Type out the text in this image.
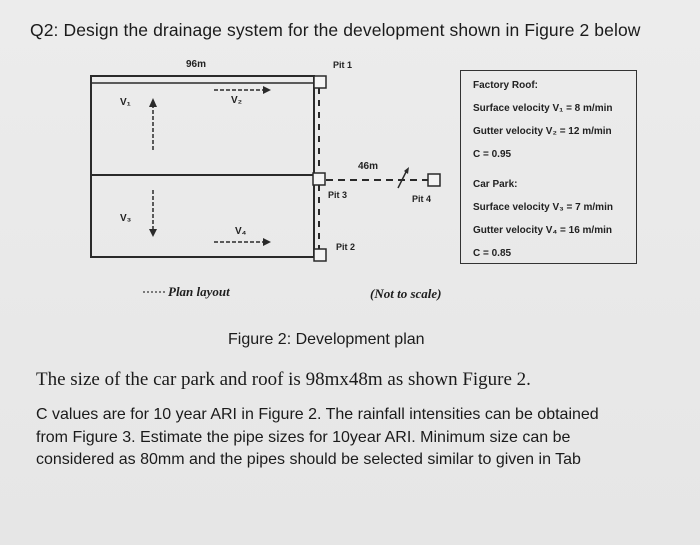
Q2: Design the drainage system for the development shown in Figure 2 below
96m	Pit 1
V₁	V₂
V₃
V₄
46m
Pit 3	Pit 4
Pit 2
Factory Roof:
Surface velocity V₁ = 8 m/min
Gutter velocity V₂ = 12 m/min
C = 0.95
Car Park:
Surface velocity V₃ = 7 m/min
Gutter velocity V₄ = 16 m/min
C = 0.85
Plan layout	(Not to scale)
Figure 2: Development plan
The size of the car park and roof is 98mx48m as shown Figure 2.
C values are for 10 year ARI in Figure 2. The rainfall intensities can be obtained
from Figure 3. Estimate the pipe sizes for 10year ARI. Minimum size can be
considered as 80mm and the pipes should be selected similar to given in Tab
